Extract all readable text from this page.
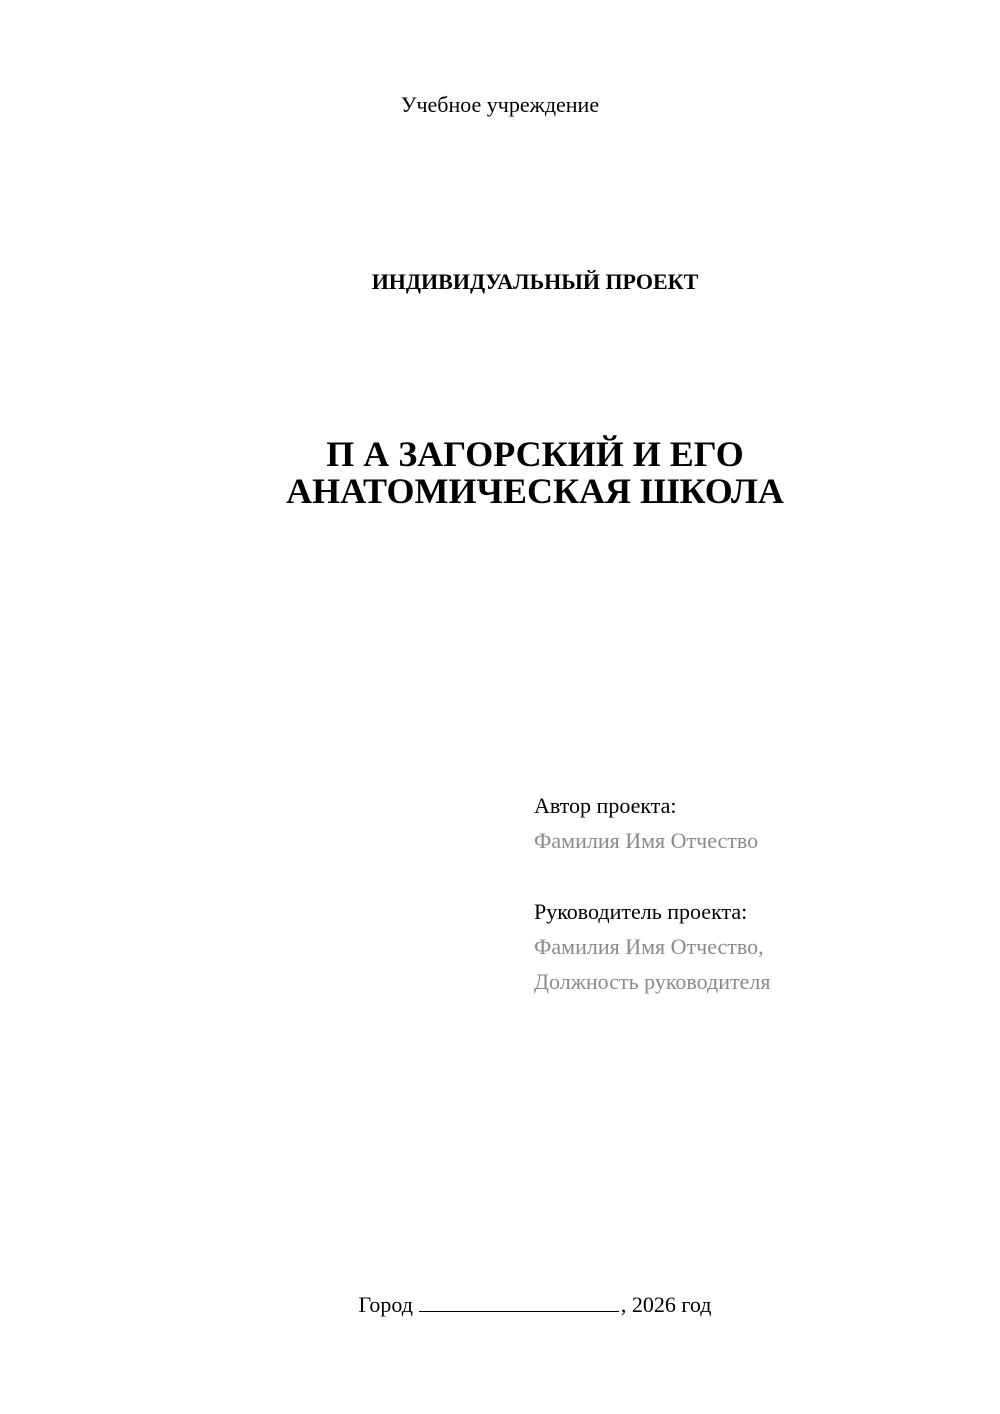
Учебное учреждение
ИНДИВИДУАЛЬНЫЙ ПРОЕКТ
П А ЗАГОРСКИЙ И ЕГО
АНАТОМИЧЕСКАЯ ШКОЛА
Автор проекта:
Фамилия Имя Отчество
Руководитель проекта:
Фамилия Имя Отчество,
Должность руководителя
Город	, 2026 год
